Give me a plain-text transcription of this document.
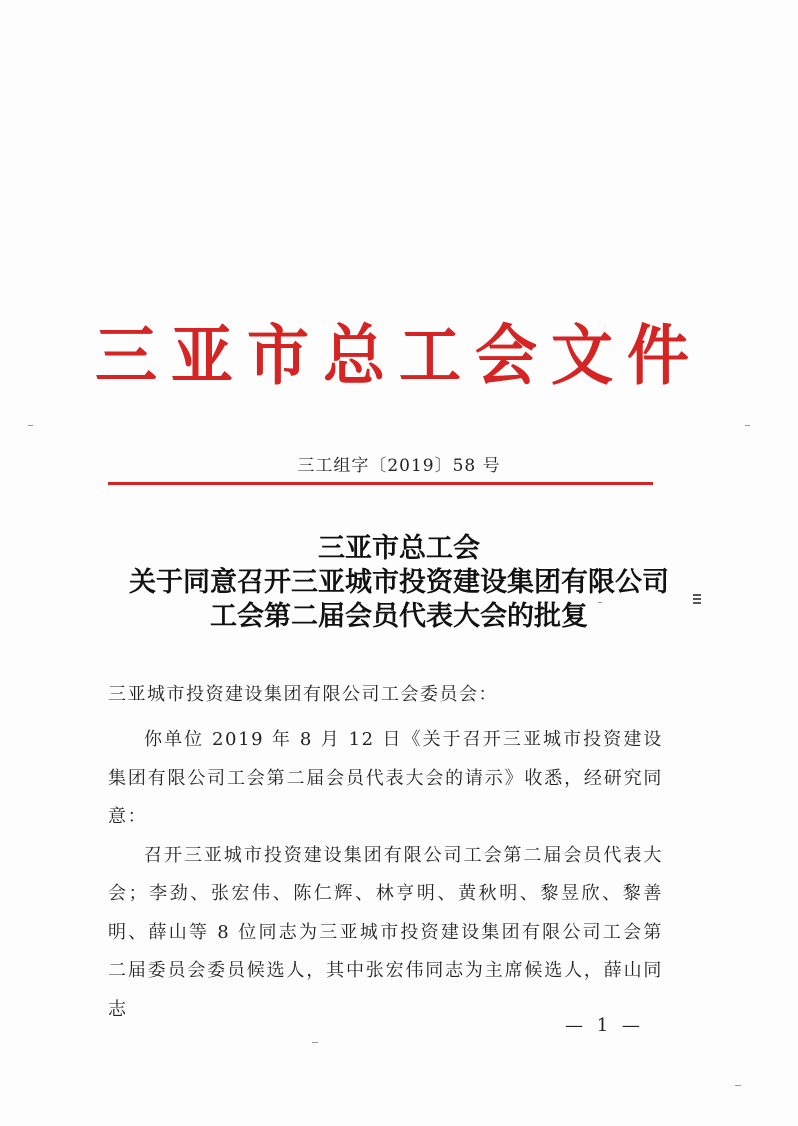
三亚市总工会文件
三工组字〔2019〕58 号
三亚市总工会
关于同意召开三亚城市投资建设集团有限公司
工会第二届会员代表大会的批复
三亚城市投资建设集团有限公司工会委员会：

你单位 2019 年 8 月 12 日《关于召开三亚城市投资建设集团有限公司工会第二届会员代表大会的请示》收悉，经研究同意：

召开三亚城市投资建设集团有限公司工会第二届会员代表大会；李劲、张宏伟、陈仁辉、林亨明、黄秋明、黎昱欣、黎善明、薛山等 8 位同志为三亚城市投资建设集团有限公司工会第二届委员会委员候选人，其中张宏伟同志为主席候选人，薛山同志

— 1 —
